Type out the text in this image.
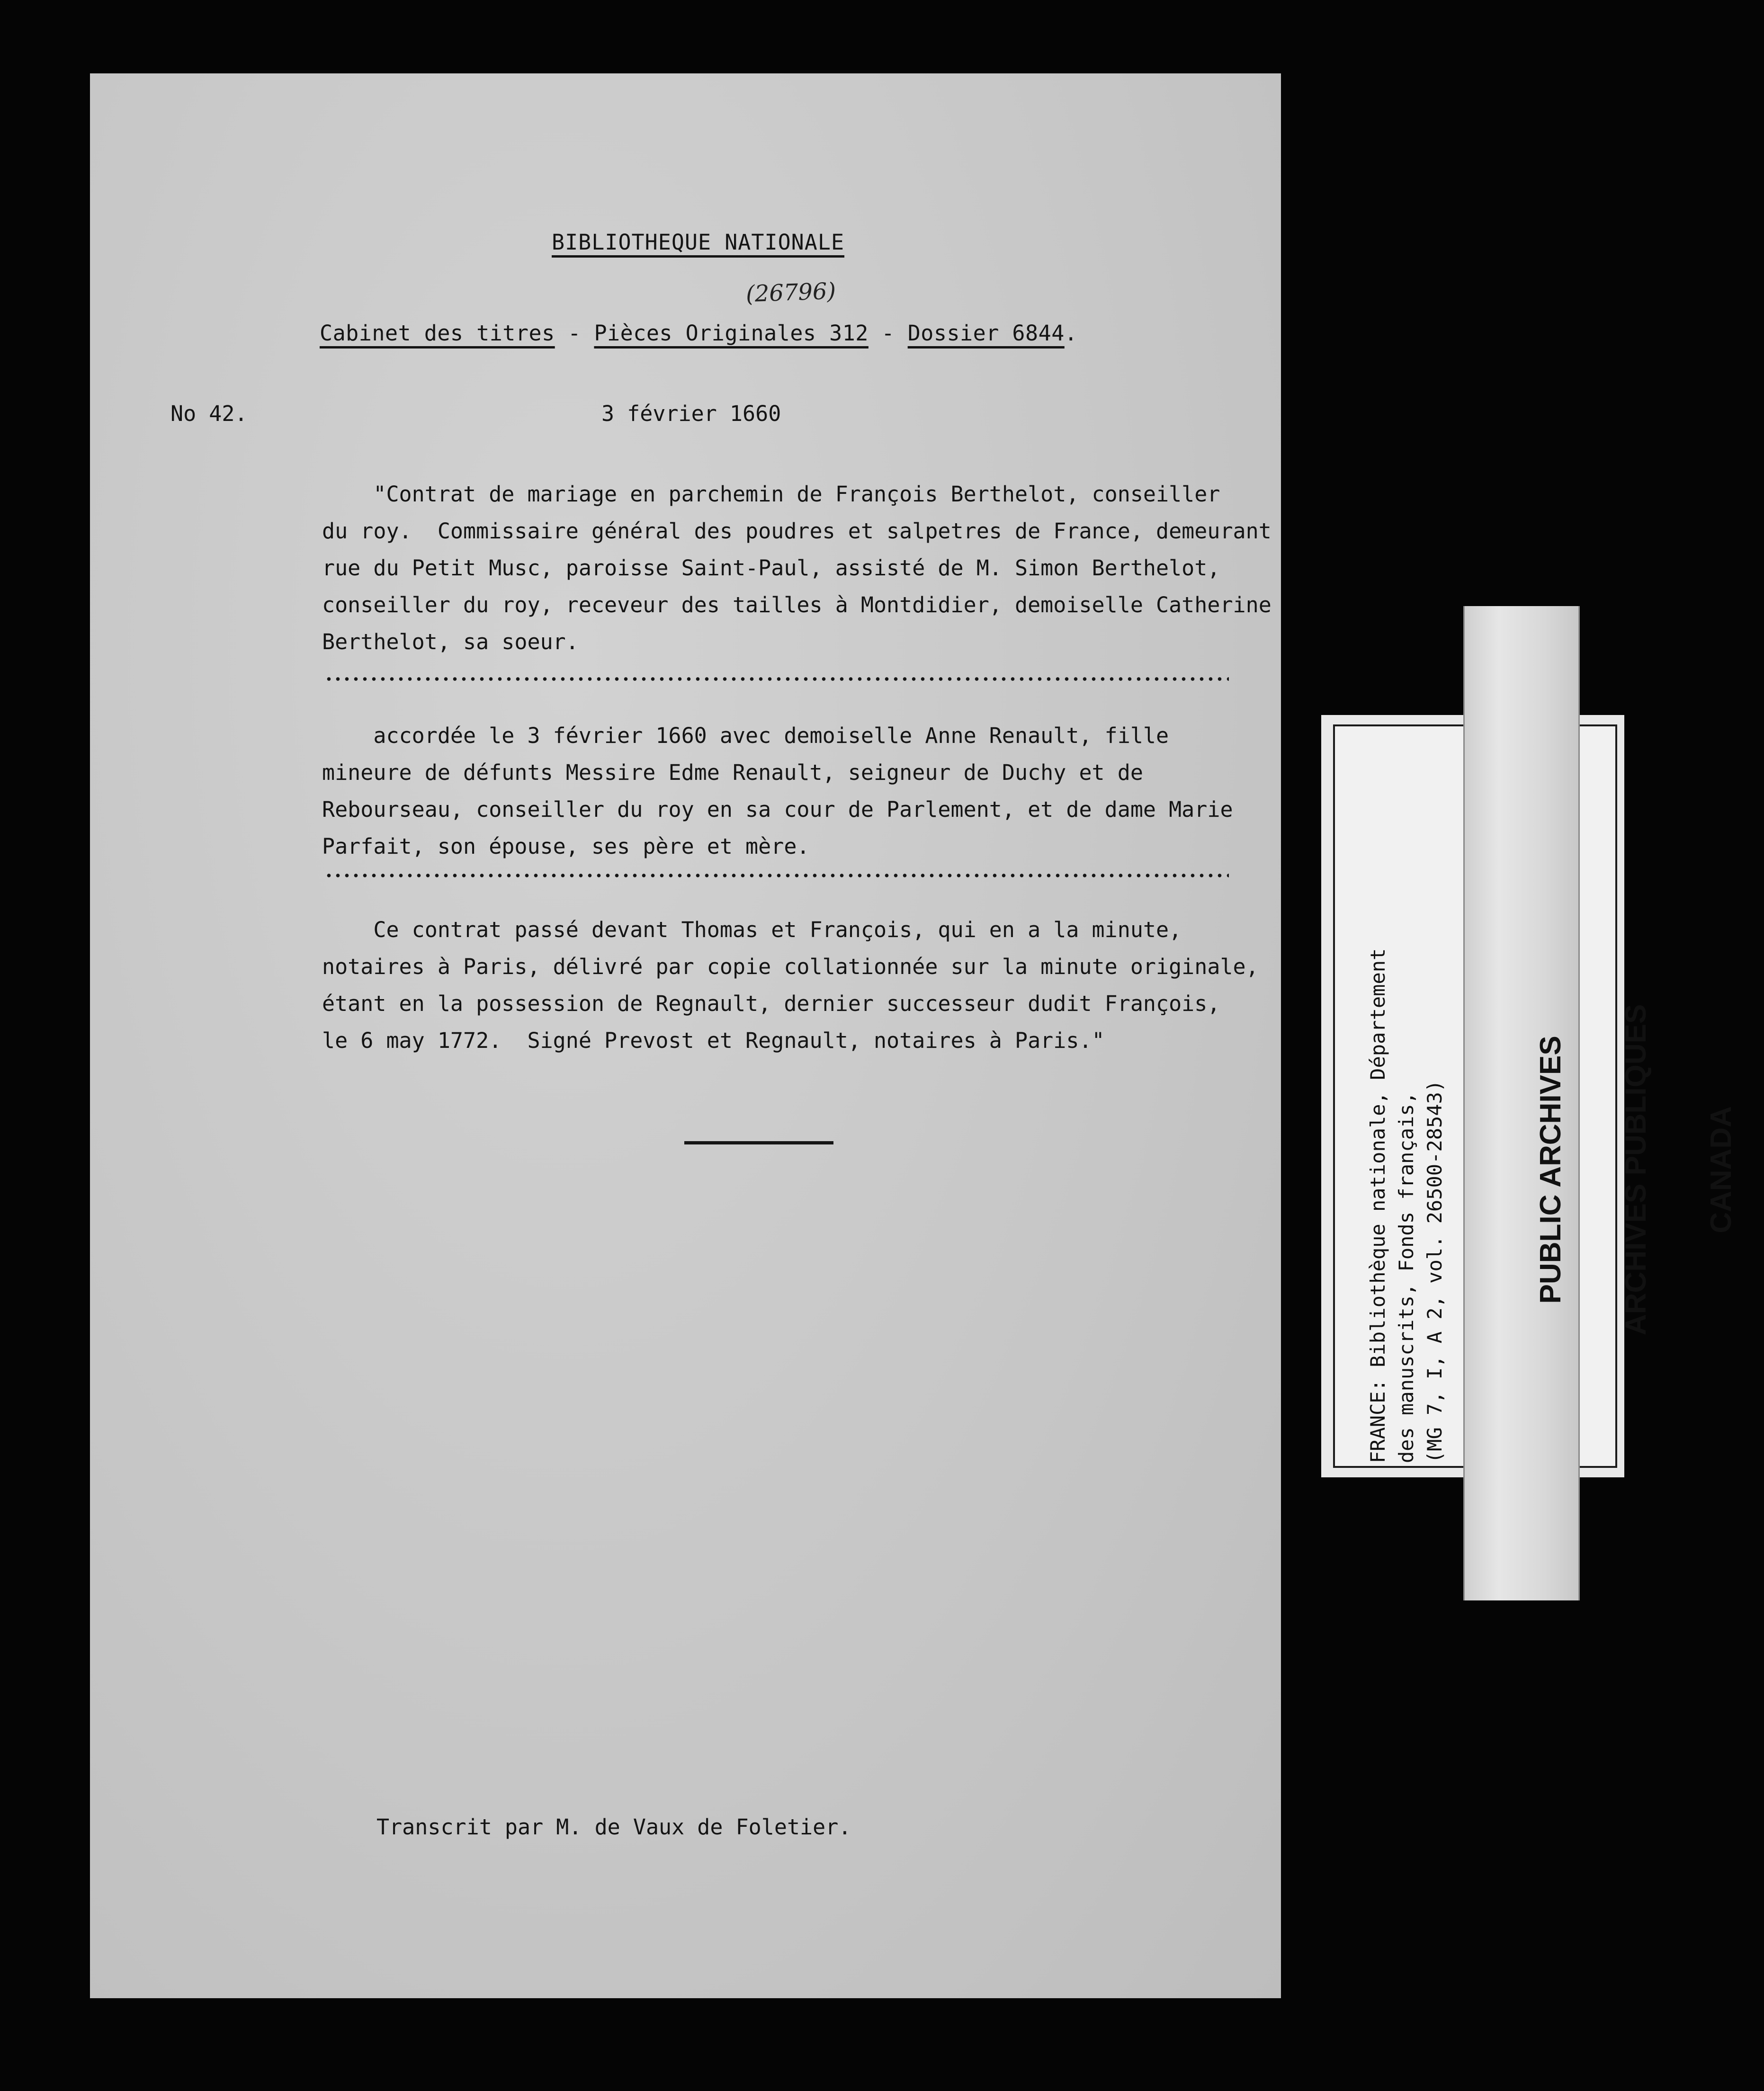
BIBLIOTHEQUE NATIONALE
(26796)
Cabinet des titres - Pièces Originales 312 - Dossier 6844.
No 42.	3 février 1660
"Contrat de mariage en parchemin de François Berthelot, conseiller
du roy.  Commissaire général des poudres et salpetres de France, demeurant
rue du Petit Musc, paroisse Saint-Paul, assisté de M. Simon Berthelot,
conseiller du roy, receveur des tailles à Montdidier, demoiselle Catherine
Berthelot, sa soeur.
accordée le 3 février 1660 avec demoiselle Anne Renault, fille
mineure de défunts Messire Edme Renault, seigneur de Duchy et de
Rebourseau, conseiller du roy en sa cour de Parlement, et de dame Marie
Parfait, son épouse, ses père et mère.
Ce contrat passé devant Thomas et François, qui en a la minute,
notaires à Paris, délivré par copie collationnée sur la minute originale,
étant en la possession de Regnault, dernier successeur dudit François,
le 6 may 1772.  Signé Prevost et Regnault, notaires à Paris."
Transcrit par M. de Vaux de Foletier.
FRANCE: Bibliothèque nationale, Département
des manuscrits, Fonds français,
(MG 7, I, A 2, vol. 26500-28543)

	PUBLIC ARCHIVES

ARCHIVES PUBLIQUES

CANADA
